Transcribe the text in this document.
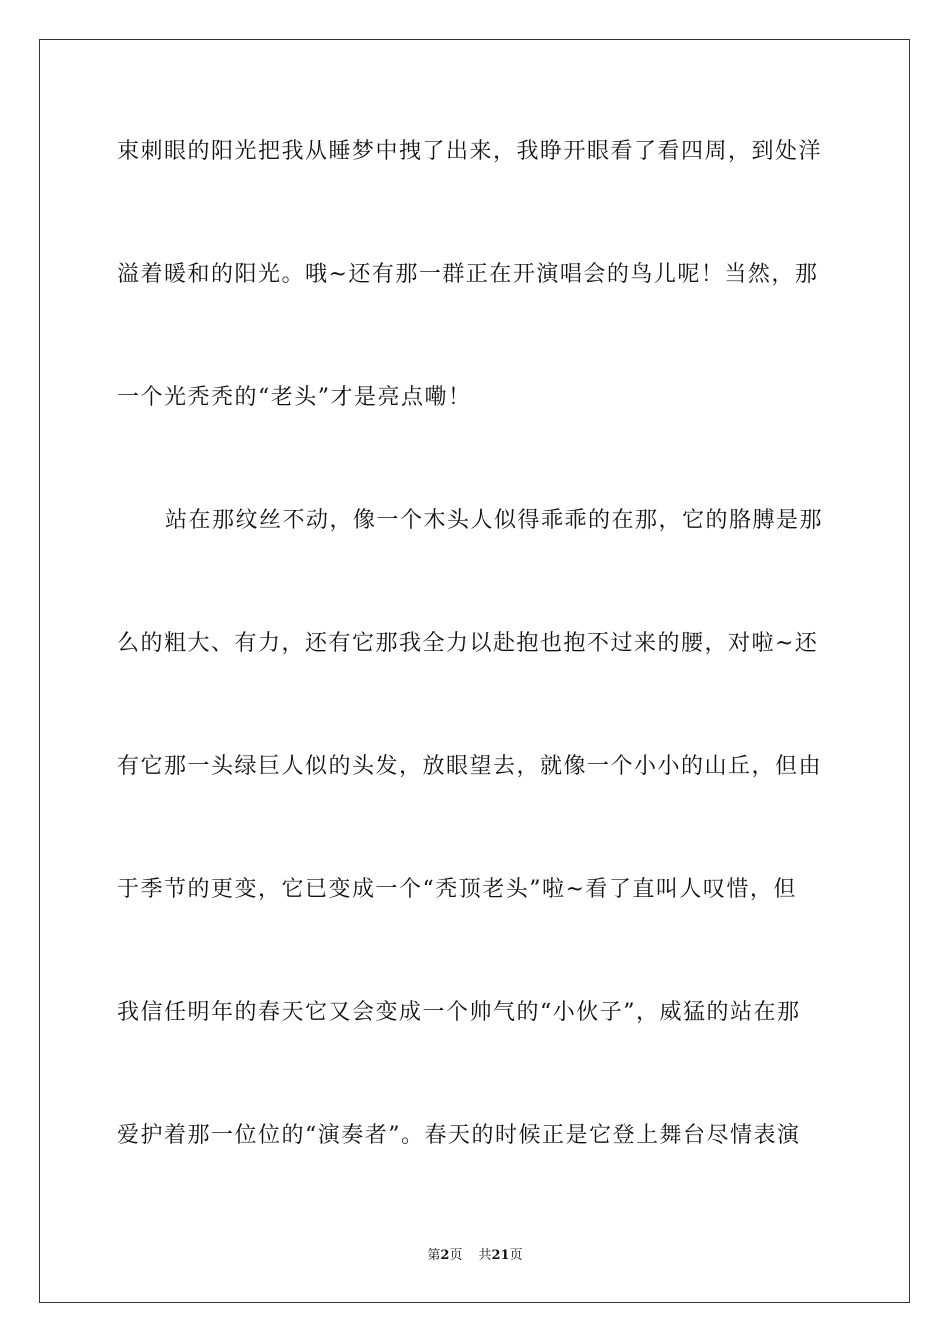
束刺眼的阳光把我从睡梦中拽了出来，我睁开眼看了看四周，到处洋
溢着暖和的阳光。哦~还有那一群正在开演唱会的鸟儿呢！当然，那
一个光秃秃的“老头”才是亮点嘞！
站在那纹丝不动，像一个木头人似得乖乖的在那，它的胳膊是那
么的粗大、有力，还有它那我全力以赴抱也抱不过来的腰，对啦~还
有它那一头绿巨人似的头发，放眼望去，就像一个小小的山丘，但由
于季节的更变，它已变成一个“秃顶老头”啦~看了直叫人叹惜，但
我信任明年的春天它又会变成一个帅气的“小伙子”，威猛的站在那
爱护着那一位位的“演奏者”。春天的时候正是它登上舞台尽情表演
第2页 共21页
